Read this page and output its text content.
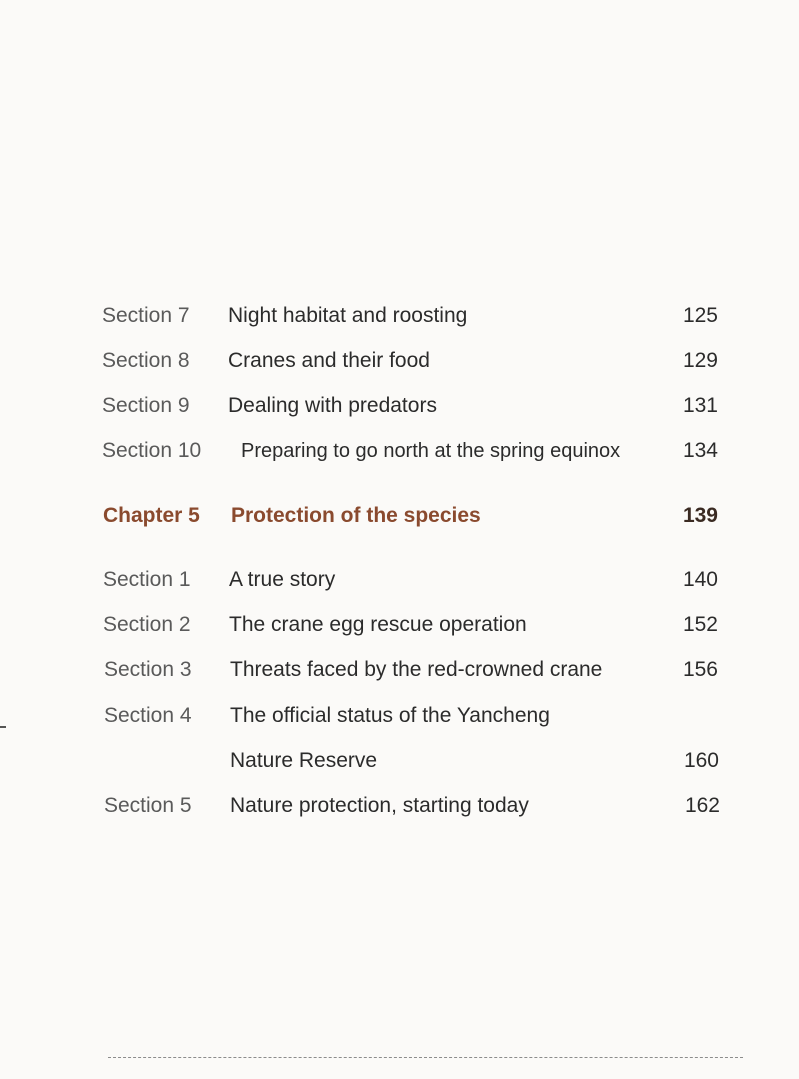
Section 7 Night habitat and roosting	125
Section 8 Cranes and their food	129
Section 9 Dealing with predators	131
Section 10 Preparing to go north at the spring equinox	134
Chapter 5 Protection of the species	139
Section 1 A true story	140
Section 2 The crane egg rescue operation	152
Section 3 Threats faced by the red-crowned crane	156
Section 4 The official status of the Yancheng
Nature Reserve	160
Section 5 Nature protection, starting today	162
